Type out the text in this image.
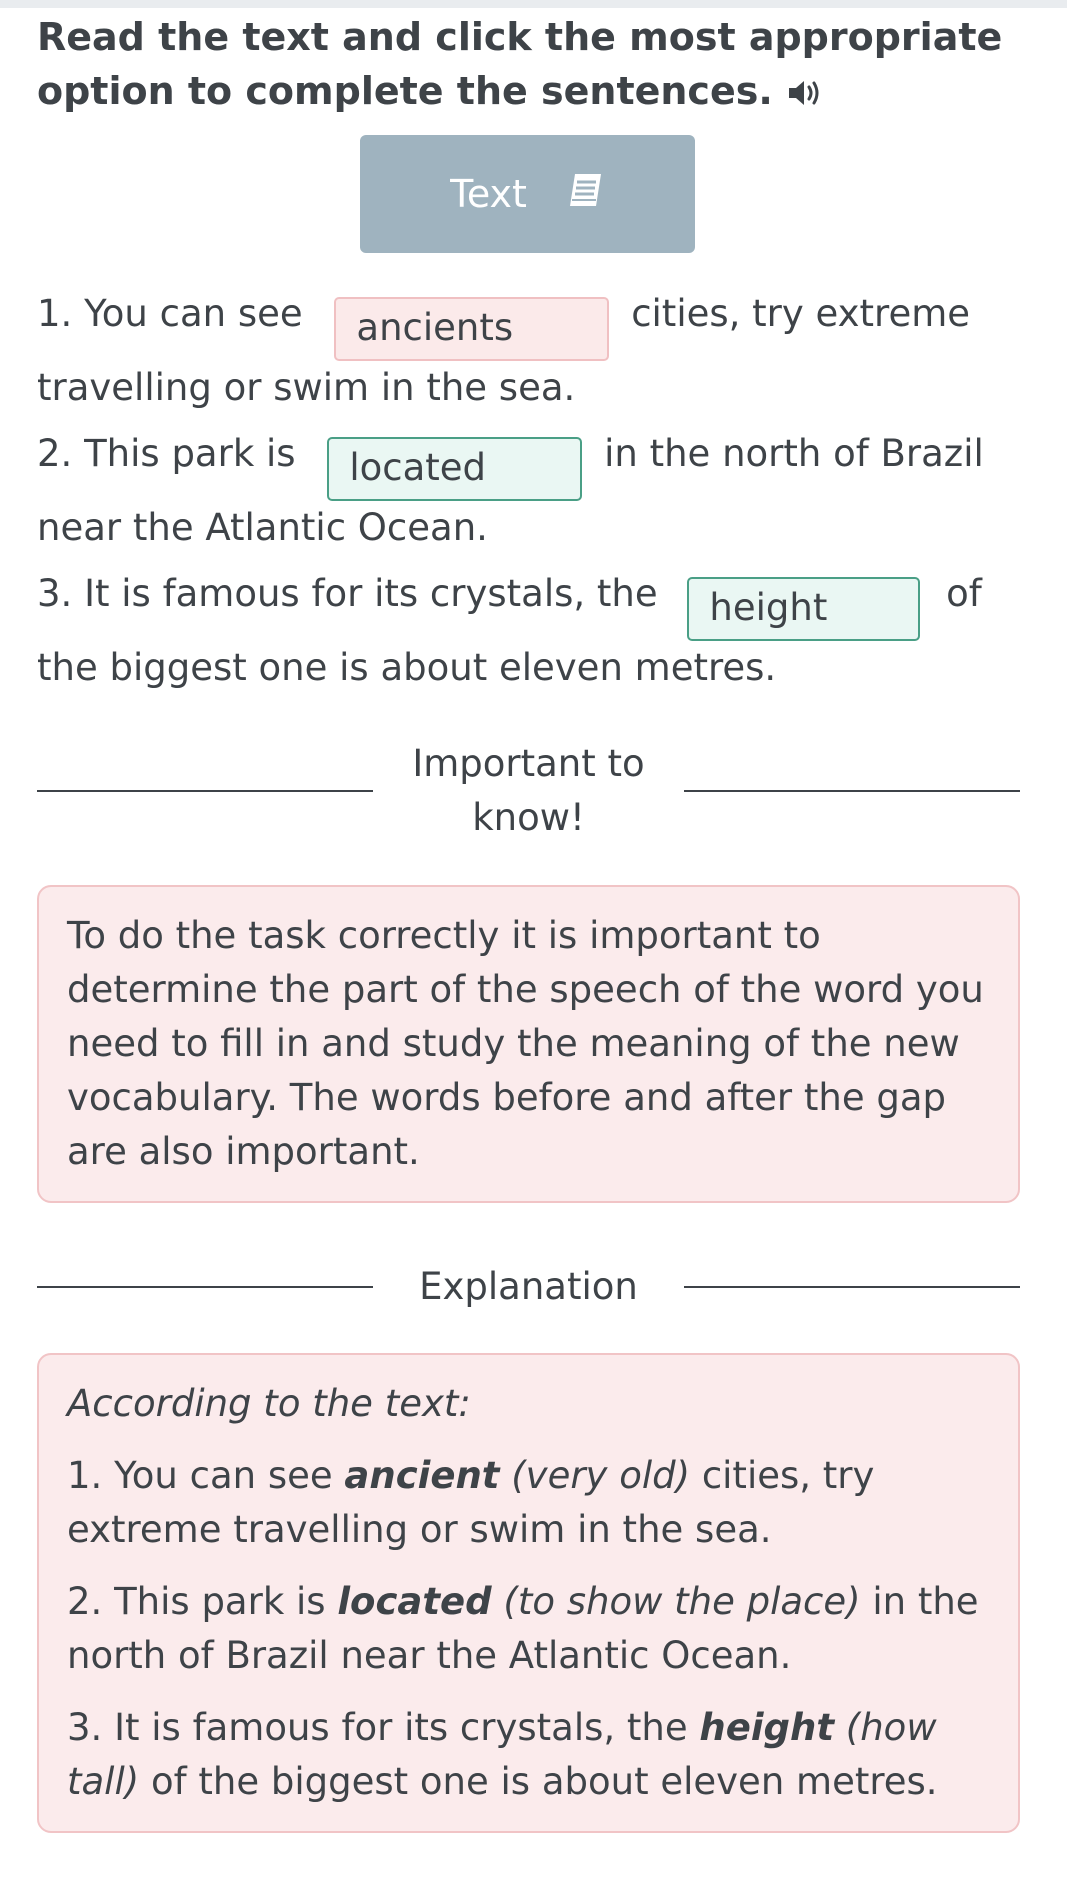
Read the text and click the most appropriate option to complete the sentences.
Text
1. You can see ancients	cities, try extreme travelling or swim in the sea.
2. This park is located	in the north of Brazil near the Atlantic Ocean.
3. It is famous for its crystals, the height	of the biggest one is about eleven metres.
Important to know!

To do the task correctly it is important to determine the part of the speech of the word you need to fill in and study the meaning of the new vocabulary. The words before and after the gap are also important.

Explanation

According to the text:

1. You can see ancient (very old) cities, try extreme travelling or swim in the sea.

2. This park is located (to show the place) in the north of Brazil near the Atlantic Ocean.

3. It is famous for its crystals, the height (how tall) of the biggest one is about eleven metres.
